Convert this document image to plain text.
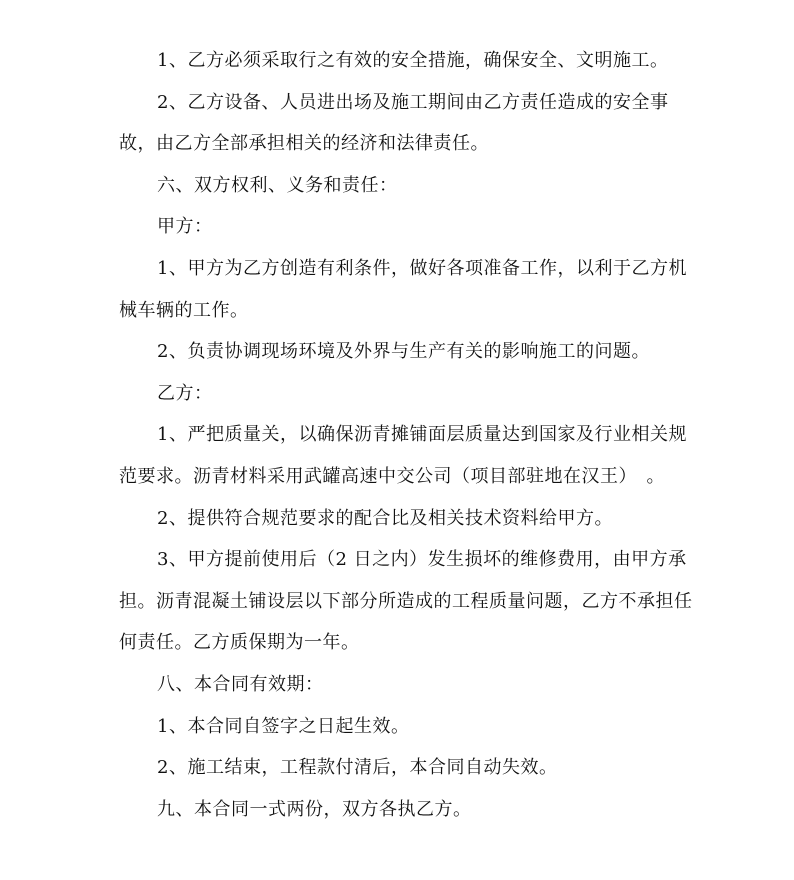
1、乙方必须采取行之有效的安全措施，确保安全、文明施工。

2、乙方设备、人员进出场及施工期间由乙方责任造成的安全事故，由乙方全部承担相关的经济和法律责任。

六、双方权利、义务和责任：

甲方：

1、甲方为乙方创造有利条件，做好各项准备工作，以利于乙方机械车辆的工作。

2、负责协调现场环境及外界与生产有关的影响施工的问题。

乙方：

1、严把质量关，以确保沥青摊铺面层质量达到国家及行业相关规范要求。沥青材料采用武罐高速中交公司（项目部驻地在汉王）　。

2、提供符合规范要求的配合比及相关技术资料给甲方。

3、甲方提前使用后（2 日之内）发生损坏的维修费用，由甲方承担。沥青混凝土铺设层以下部分所造成的工程质量问题，乙方不承担任何责任。乙方质保期为一年。

八、本合同有效期：

1、本合同自签字之日起生效。

2、施工结束，工程款付清后，本合同自动失效。

九、本合同一式两份，双方各执乙方。
